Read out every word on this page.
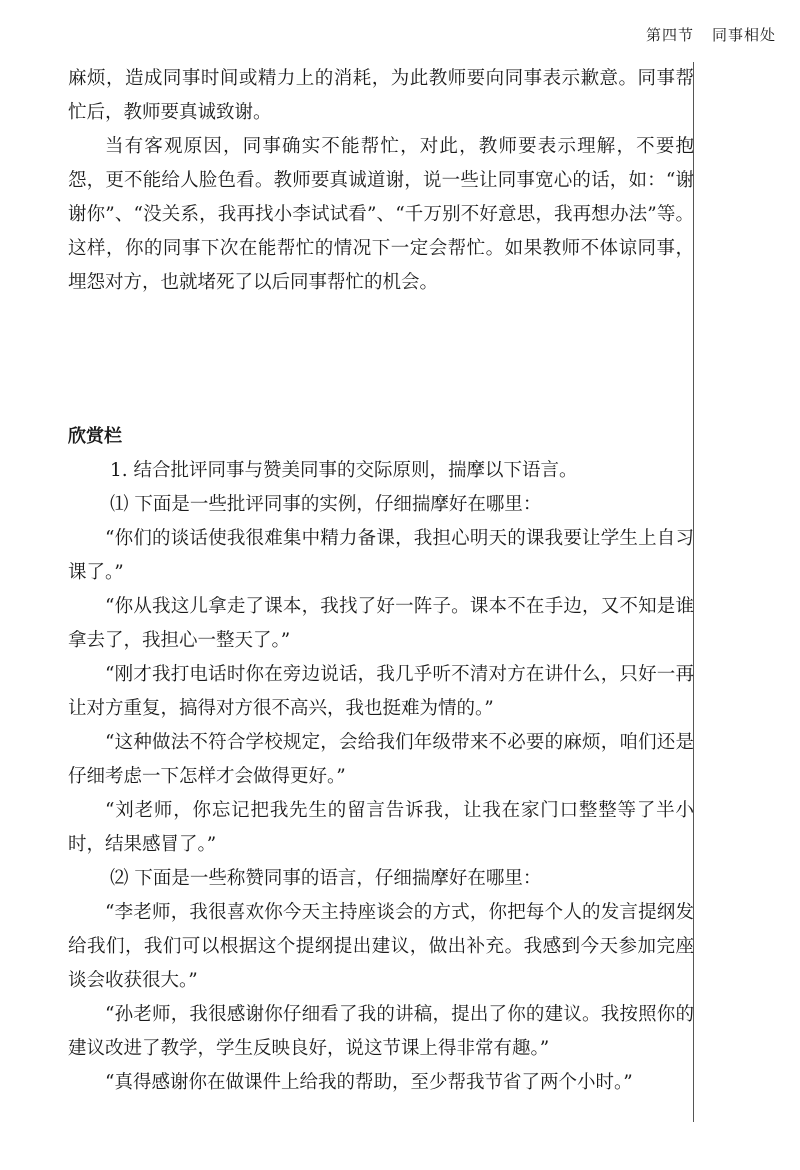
第四节 同事相处

麻烦，造成同事时间或精力上的消耗，为此教师要向同事表示歉意。同事帮忙后，教师要真诚致谢。

当有客观原因，同事确实不能帮忙，对此，教师要表示理解，不要抱怨，更不能给人脸色看。教师要真诚道谢，说一些让同事宽心的话，如：“谢谢你”、“没关系，我再找小李试试看”、“千万别不好意思，我再想办法”等。这样，你的同事下次在能帮忙的情况下一定会帮忙。如果教师不体谅同事，埋怨对方，也就堵死了以后同事帮忙的机会。

欣赏栏

1. 结合批评同事与赞美同事的交际原则，揣摩以下语言。

⑴ 下面是一些批评同事的实例，仔细揣摩好在哪里：

“你们的谈话使我很难集中精力备课，我担心明天的课我要让学生上自习课了。”

“你从我这儿拿走了课本，我找了好一阵子。课本不在手边，又不知是谁拿去了，我担心一整天了。”

“刚才我打电话时你在旁边说话，我几乎听不清对方在讲什么，只好一再让对方重复，搞得对方很不高兴，我也挺难为情的。”

“这种做法不符合学校规定，会给我们年级带来不必要的麻烦，咱们还是仔细考虑一下怎样才会做得更好。”

“刘老师，你忘记把我先生的留言告诉我，让我在家门口整整等了半小时，结果感冒了。”

⑵ 下面是一些称赞同事的语言，仔细揣摩好在哪里：

“李老师，我很喜欢你今天主持座谈会的方式，你把每个人的发言提纲发给我们，我们可以根据这个提纲提出建议，做出补充。我感到今天参加完座谈会收获很大。”

“孙老师，我很感谢你仔细看了我的讲稿，提出了你的建议。我按照你的建议改进了教学，学生反映良好，说这节课上得非常有趣。”

“真得感谢你在做课件上给我的帮助，至少帮我节省了两个小时。”
